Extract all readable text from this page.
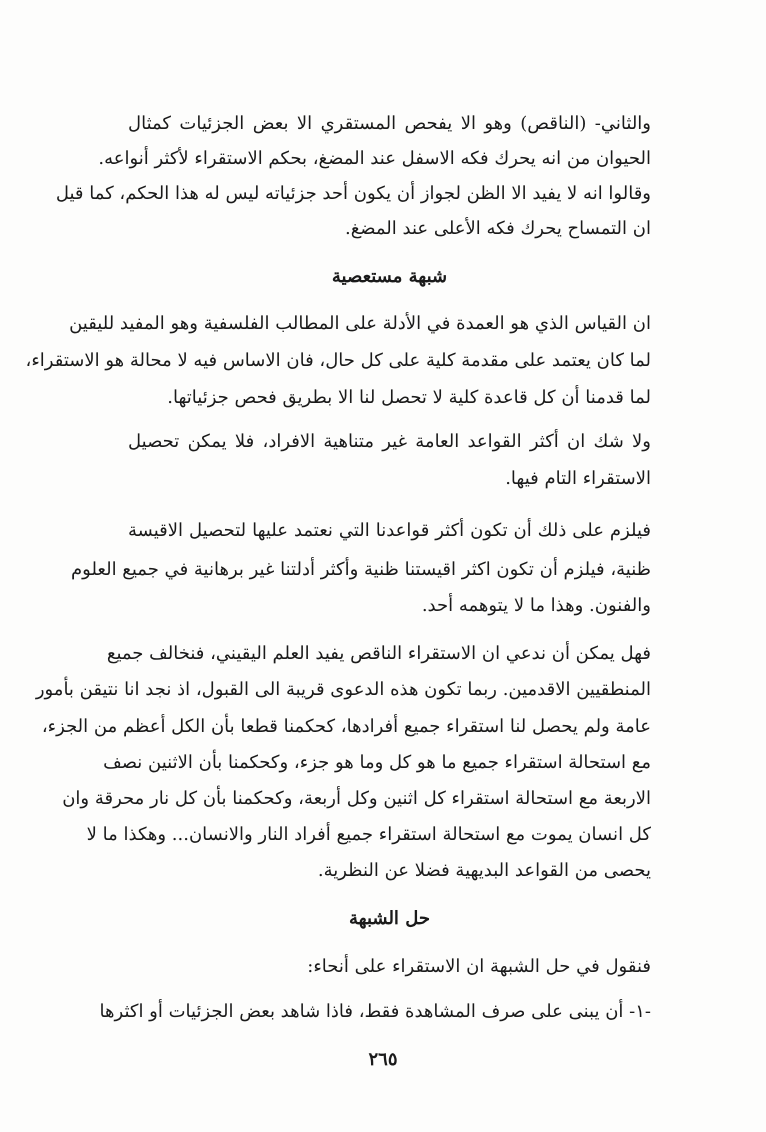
والثاني- (الناقص) وهو الا يفحص المستقري الا بعض الجزئيات كمثال
الحيوان من انه يحرك فكه الاسفل عند المضغ، بحكم الاستقراء لأكثر أنواعه.
وقالوا انه لا يفيد الا الظن لجواز أن يكون أحد جزئياته ليس له هذا الحكم، كما قيل
ان التمساح يحرك فكه الأعلى عند المضغ.
شبهة مستعصية
ان القياس الذي هو العمدة في الأدلة على المطالب الفلسفية وهو المفيد لليقين
لما كان يعتمد على مقدمة كلية على كل حال، فان الاساس فيه لا محالة هو الاستقراء،
لما قدمنا أن كل قاعدة كلية لا تحصل لنا الا بطريق فحص جزئياتها.
ولا شك ان أكثر القواعد العامة غير متناهية الافراد، فلا يمكن تحصيل
الاستقراء التام فيها.
فيلزم على ذلك أن تكون أكثر قواعدنا التي نعتمد عليها لتحصيل الاقيسة
ظنية، فيلزم أن تكون اكثر اقيستنا ظنية وأكثر أدلتنا غير برهانية في جميع العلوم
والفنون. وهذا ما لا يتوهمه أحد.
فهل يمكن أن ندعي ان الاستقراء الناقص يفيد العلم اليقيني، فنخالف جميع
المنطقيين الاقدمين. ربما تكون هذه الدعوى قريبة الى القبول، اذ نجد انا نتيقن بأمور
عامة ولم يحصل لنا استقراء جميع أفرادها، كحكمنا قطعا بأن الكل أعظم من الجزء،
مع استحالة استقراء جميع ما هو كل وما هو جزء، وكحكمنا بأن الاثنين نصف
الاربعة مع استحالة استقراء كل اثنين وكل أربعة، وكحكمنا بأن كل نار محرقة وان
كل انسان يموت مع استحالة استقراء جميع أفراد النار والانسان... وهكذا ما لا
يحصى من القواعد البديهية فضلا عن النظرية.
حل الشبهة
فنقول في حل الشبهة ان الاستقراء على أنحاء:
-١- أن يبنى على صرف المشاهدة فقط، فاذا شاهد بعض الجزئيات أو اكثرها
٢٦٥
